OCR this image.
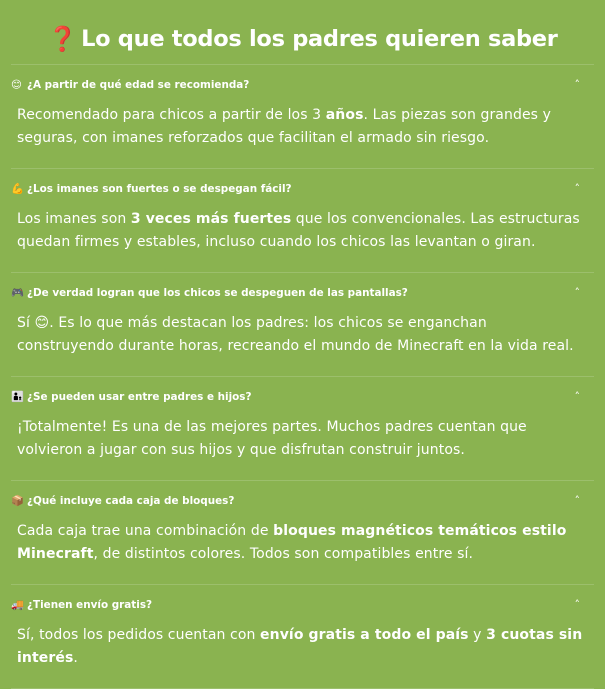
❓ Lo que todos los padres quieren saber
😊 ¿A partir de qué edad se recomienda?	˄
Recomendado para chicos a partir de los 3 años. Las piezas son grandes y seguras, con imanes reforzados que facilitan el armado sin riesgo.
💪 ¿Los imanes son fuertes o se despegan fácil?	˄
Los imanes son 3 veces más fuertes que los convencionales. Las estructuras quedan firmes y estables, incluso cuando los chicos las levantan o giran.
🎮 ¿De verdad logran que los chicos se despeguen de las pantallas?	˄
Sí 😊. Es lo que más destacan los padres: los chicos se enganchan construyendo durante horas, recreando el mundo de Minecraft en la vida real.
👨‍👦 ¿Se pueden usar entre padres e hijos?	˄
¡Totalmente! Es una de las mejores partes. Muchos padres cuentan que volvieron a jugar con sus hijos y que disfrutan construir juntos.
📦 ¿Qué incluye cada caja de bloques?	˄
Cada caja trae una combinación de bloques magnéticos temáticos estilo Minecraft, de distintos colores. Todos son compatibles entre sí.
🚚 ¿Tienen envío gratis?	˄
Sí, todos los pedidos cuentan con envío gratis a todo el país y 3 cuotas sin interés.
